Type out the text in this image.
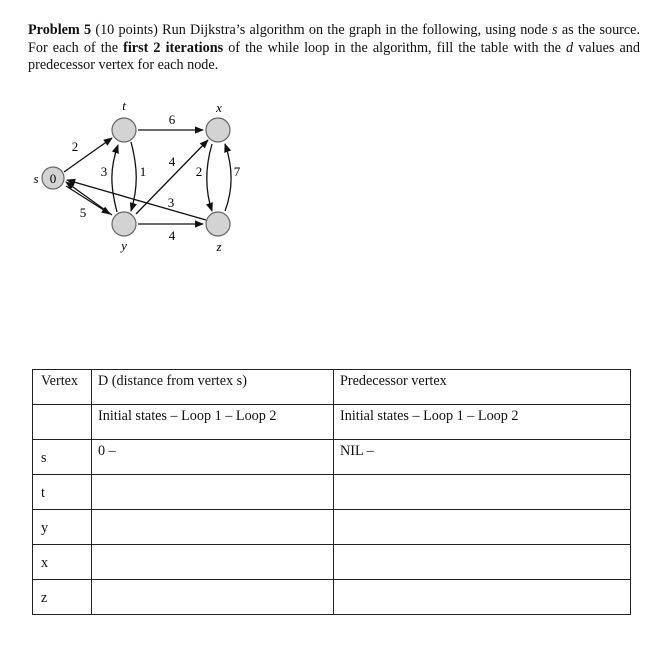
Problem 5 (10 points) Run Dijkstra’s algorithm on the graph in the following, using node s as the source. For each of the first 2 iterations of the while loop in the algorithm, fill the table with the d values and predecessor vertex for each node.
0
s
t	x
y	z
2
3
5
1
6
4
2 7
3
4
Vertex	D (distance from vertex s)	Predecessor vertex

	Initial states – Loop 1 – Loop 2	Initial states – Loop 1 – Loop 2

s	0 –	NIL –

t		

y		

x		

z		
